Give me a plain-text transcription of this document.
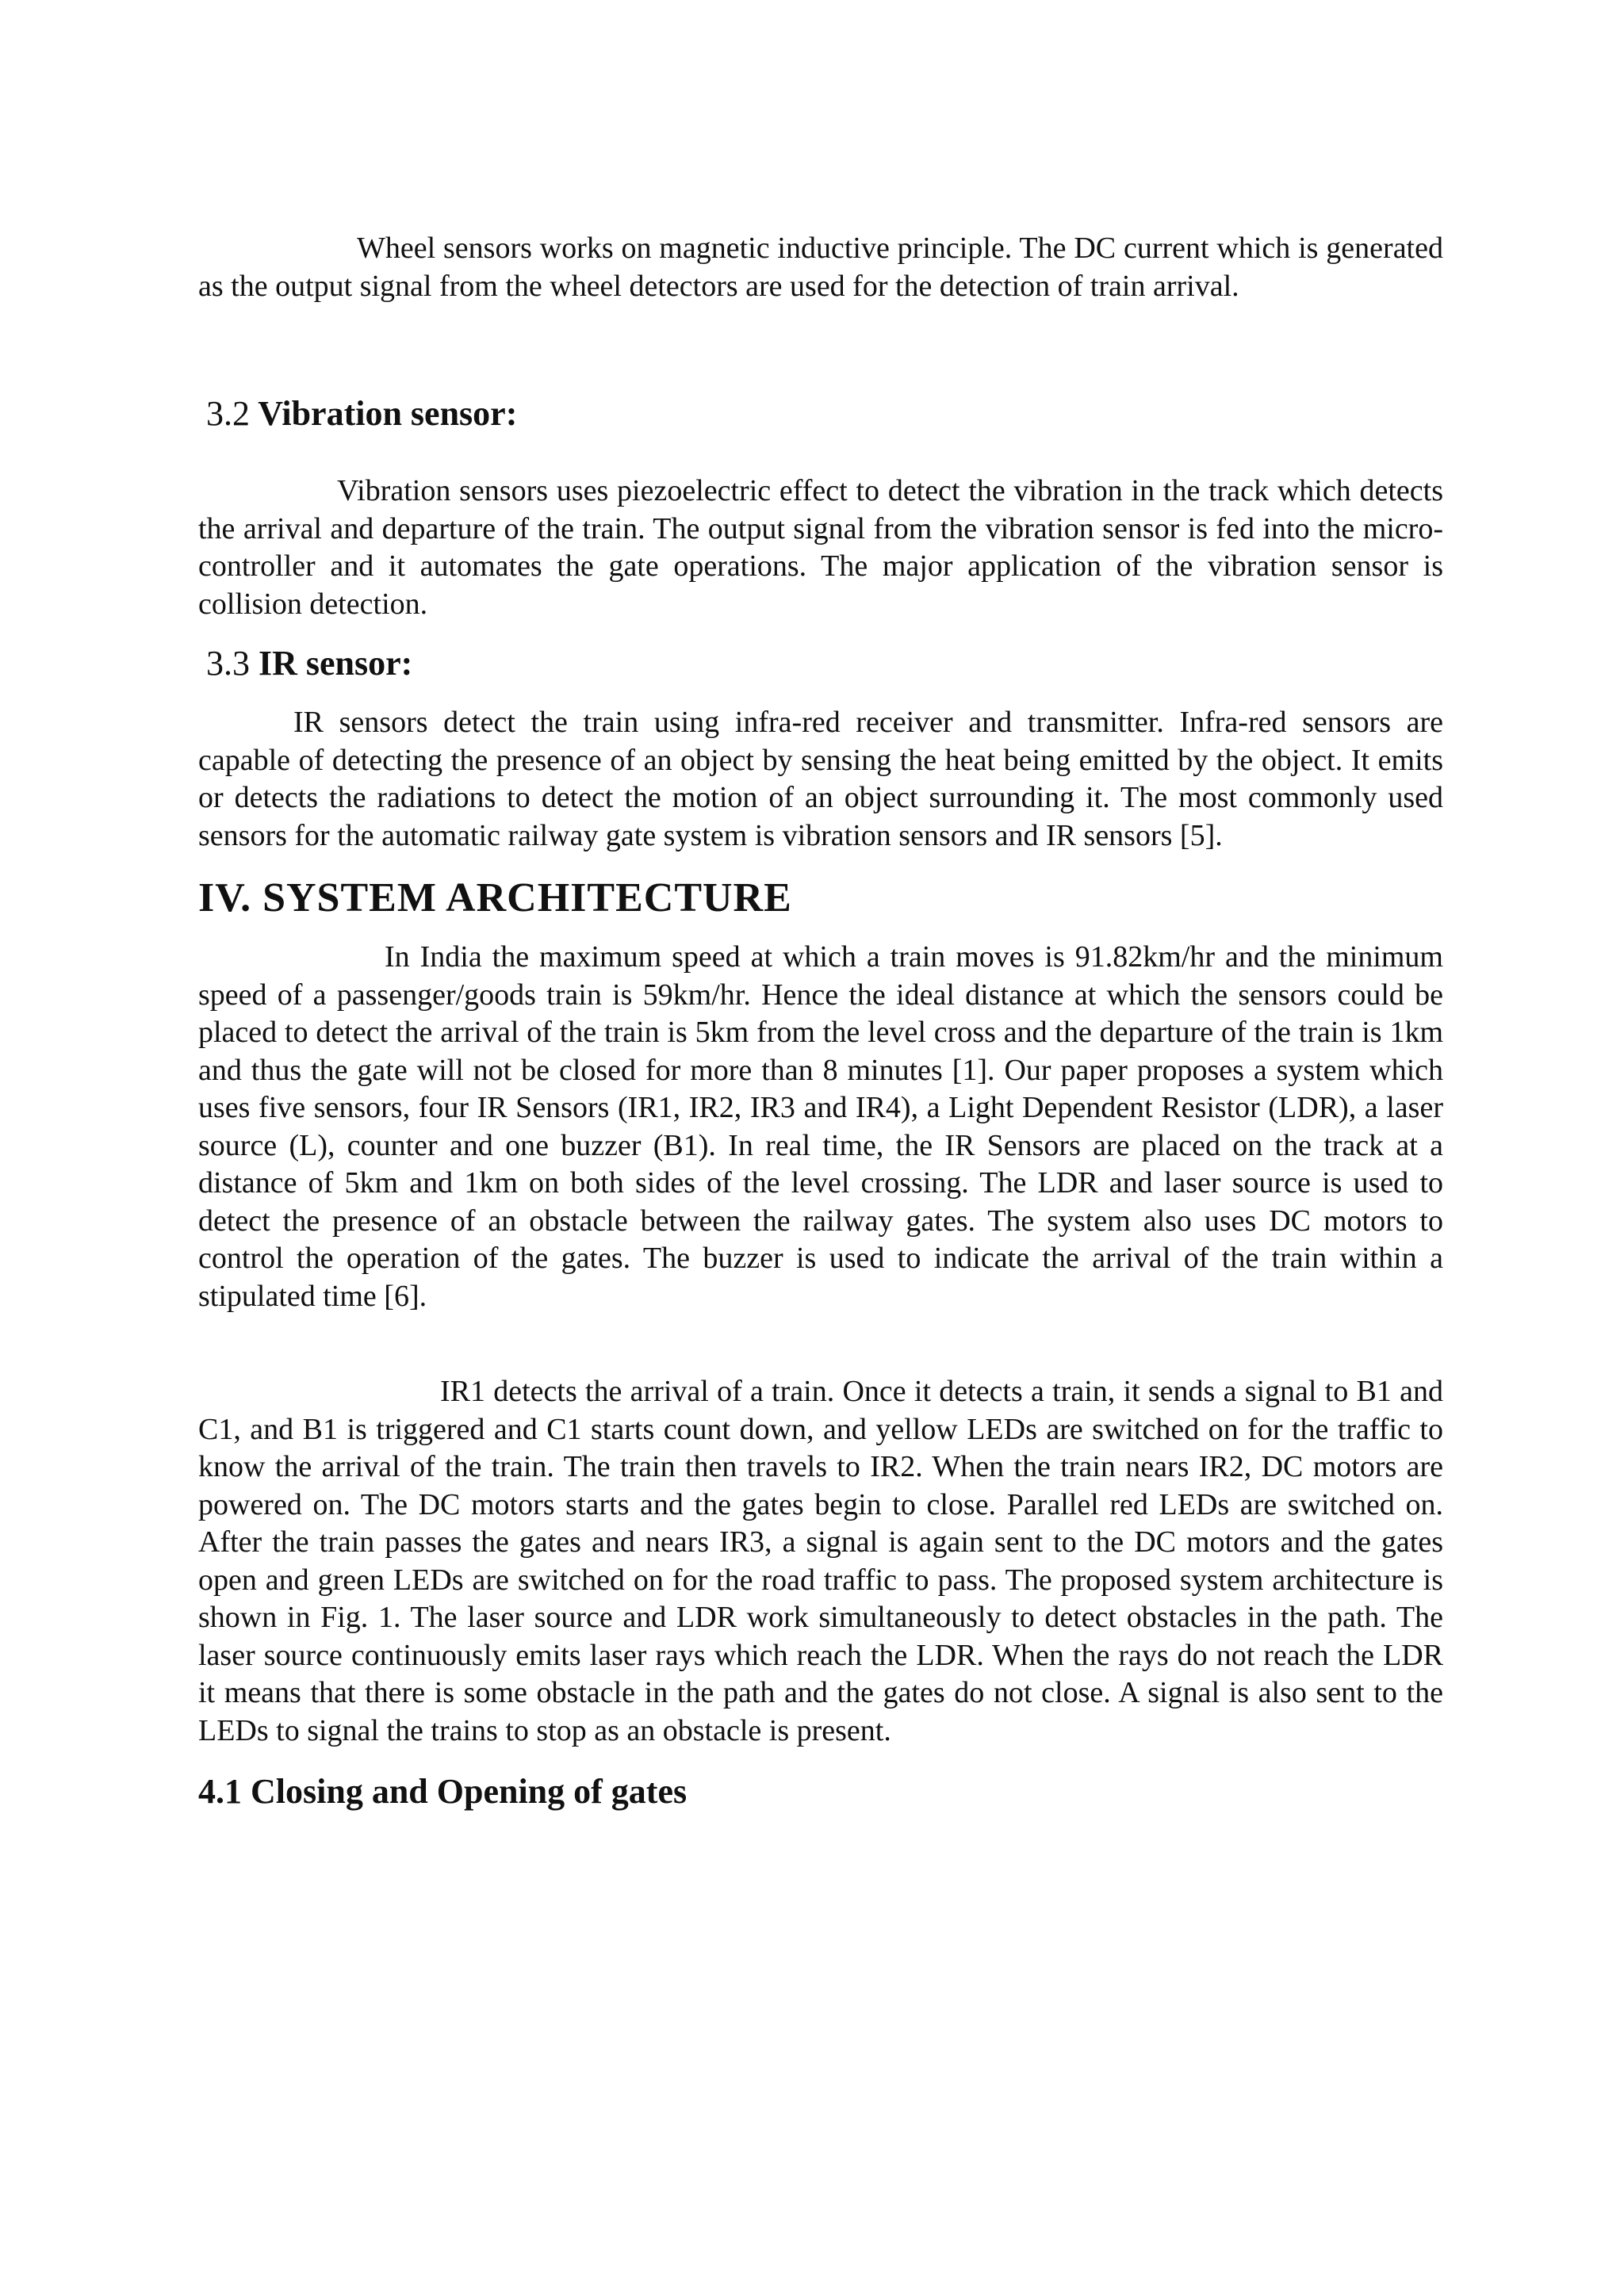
Wheel sensors works on magnetic inductive principle. The DC current which is generated as the output signal from the wheel detectors are used for the detection of train arrival.

3.2 Vibration sensor:

Vibration sensors uses piezoelectric effect to detect the vibration in the track which detects the arrival and departure of the train. The output signal from the vibration sensor is fed into the micro-controller and it automates the gate operations. The major application of the vibration sensor is collision detection.

3.3 IR sensor:

IR sensors detect the train using infra-red receiver and transmitter. Infra-red sensors are capable of detecting the presence of an object by sensing the heat being emitted by the object. It emits or detects the radiations to detect the motion of an object surrounding it. The most commonly used sensors for the automatic railway gate system is vibration sensors and IR sensors [5].

IV. SYSTEM ARCHITECTURE

In India the maximum speed at which a train moves is 91.82km/hr and the minimum speed of a passenger/goods train is 59km/hr. Hence the ideal distance at which the sensors could be placed to detect the arrival of the train is 5km from the level cross and the departure of the train is 1km and thus the gate will not be closed for more than 8 minutes [1]. Our paper proposes a system which uses five sensors, four IR Sensors (IR1, IR2, IR3 and IR4), a Light Dependent Resistor (LDR), a laser source (L), counter and one buzzer (B1). In real time, the IR Sensors are placed on the track at a distance of 5km and 1km on both sides of the level crossing. The LDR and laser source is used to detect the presence of an obstacle between the railway gates. The system also uses DC motors to control the operation of the gates. The buzzer is used to indicate the arrival of the train within a stipulated time [6].

IR1 detects the arrival of a train. Once it detects a train, it sends a signal to B1 and C1, and B1 is triggered and C1 starts count down, and yellow LEDs are switched on for the traffic to know the arrival of the train. The train then travels to IR2. When the train nears IR2, DC motors are powered on. The DC motors starts and the gates begin to close. Parallel red LEDs are switched on. After the train passes the gates and nears IR3, a signal is again sent to the DC motors and the gates open and green LEDs are switched on for the road traffic to pass. The proposed system architecture is shown in Fig. 1. The laser source and LDR work simultaneously to detect obstacles in the path. The laser source continuously emits laser rays which reach the LDR. When the rays do not reach the LDR it means that there is some obstacle in the path and the gates do not close. A signal is also sent to the LEDs to signal the trains to stop as an obstacle is present.

4.1 Closing and Opening of gates
